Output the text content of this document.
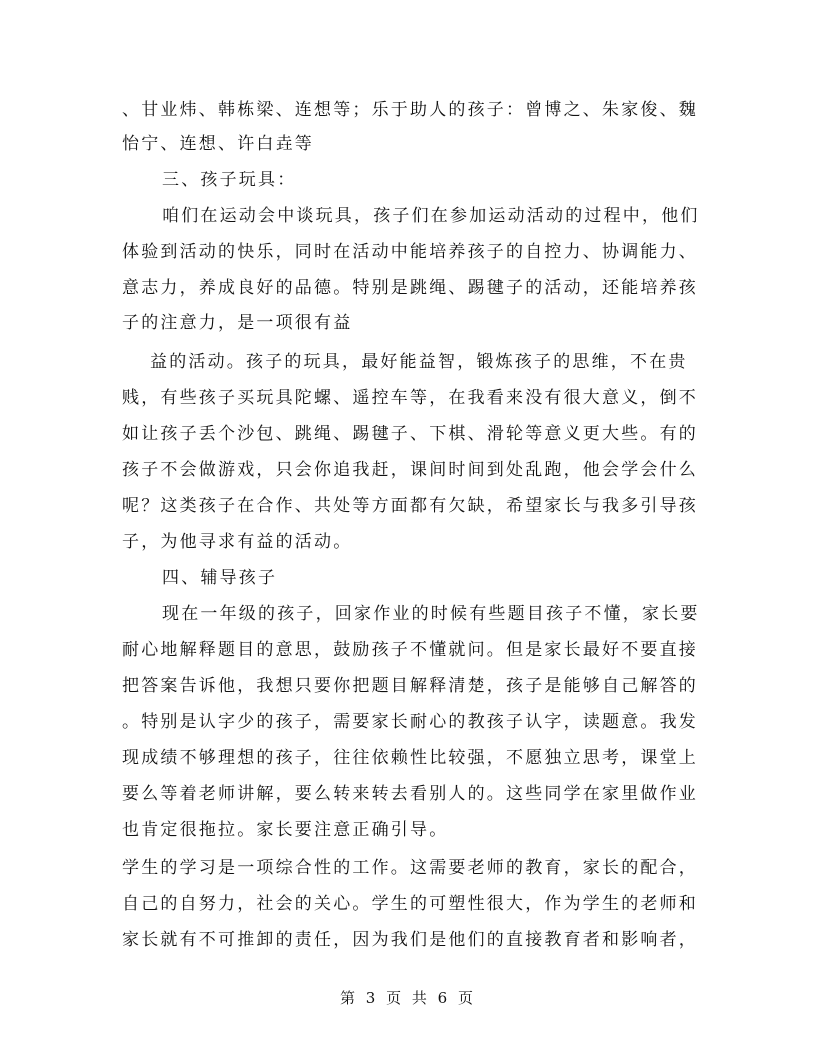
、甘业炜、韩栋梁、连想等；乐于助人的孩子：曾博之、朱家俊、魏
怡宁、连想、许白垚等
三、孩子玩具：
咱们在运动会中谈玩具，孩子们在参加运动活动的过程中，他们
体验到活动的快乐，同时在活动中能培养孩子的自控力、协调能力、
意志力，养成良好的品德。特别是跳绳、踢毽子的活动，还能培养孩
子的注意力，是一项很有益
益的活动。孩子的玩具，最好能益智，锻炼孩子的思维，不在贵
贱，有些孩子买玩具陀螺、遥控车等，在我看来没有很大意义，倒不
如让孩子丢个沙包、跳绳、踢毽子、下棋、滑轮等意义更大些。有的
孩子不会做游戏，只会你追我赶，课间时间到处乱跑，他会学会什么
呢？这类孩子在合作、共处等方面都有欠缺，希望家长与我多引导孩
子，为他寻求有益的活动。
四、辅导孩子
现在一年级的孩子，回家作业的时候有些题目孩子不懂，家长要
耐心地解释题目的意思，鼓励孩子不懂就问。但是家长最好不要直接
把答案告诉他，我想只要你把题目解释清楚，孩子是能够自己解答的
。特别是认字少的孩子，需要家长耐心的教孩子认字，读题意。我发
现成绩不够理想的孩子，往往依赖性比较强，不愿独立思考，课堂上
要么等着老师讲解，要么转来转去看别人的。这些同学在家里做作业
也肯定很拖拉。家长要注意正确引导。
学生的学习是一项综合性的工作。这需要老师的教育，家长的配合，
自己的自努力，社会的关心。学生的可塑性很大，作为学生的老师和
家长就有不可推卸的责任，因为我们是他们的直接教育者和影响者，
第 3 页 共 6 页
